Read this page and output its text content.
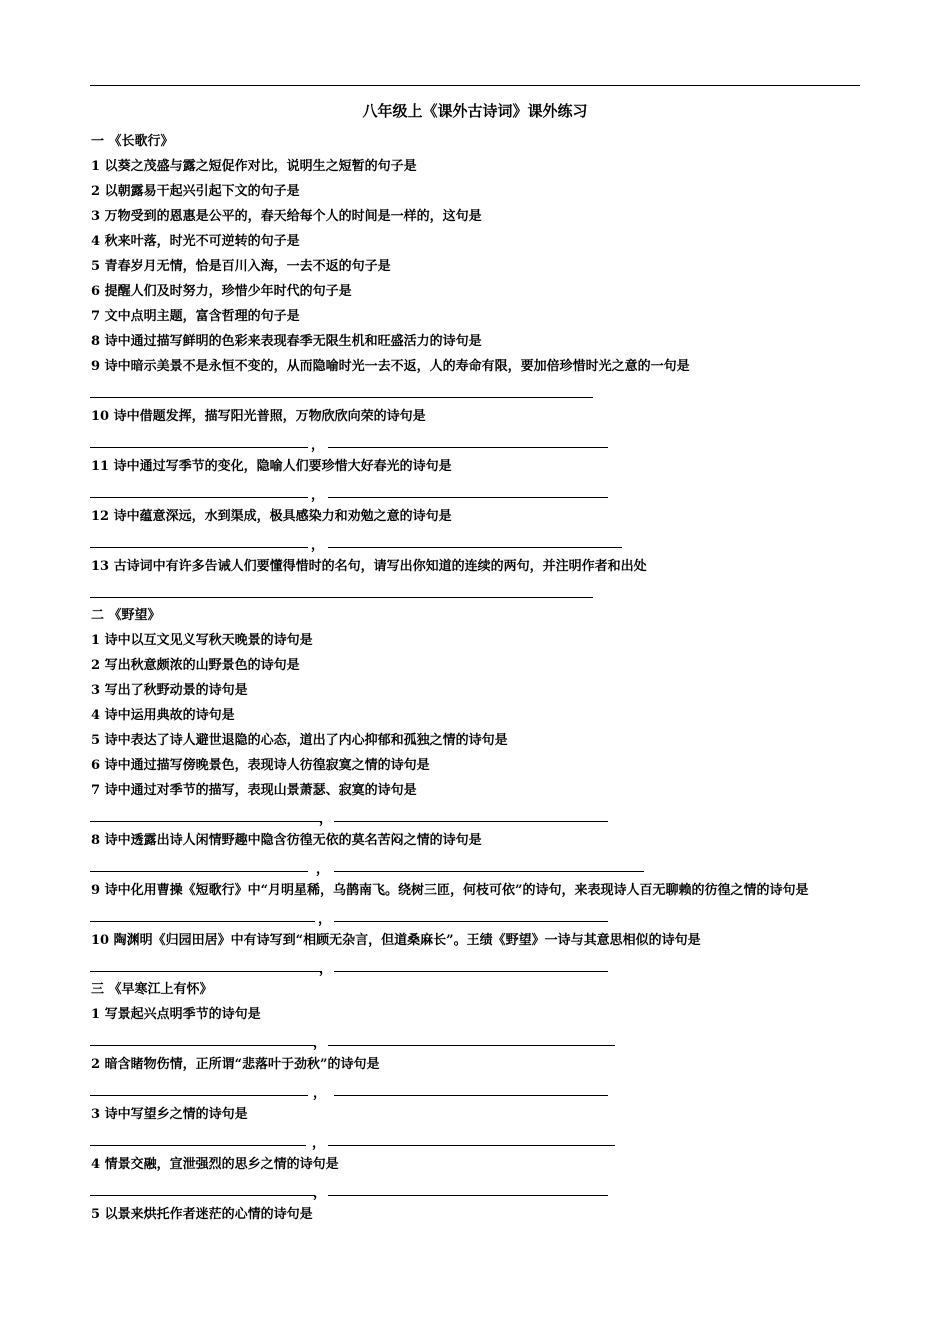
八年级上《课外古诗词》课外练习
一 《长歌行》
1 以葵之茂盛与露之短促作对比，说明生之短暂的句子是
2 以朝露易干起兴引起下文的句子是
3 万物受到的恩惠是公平的，春天给每个人的时间是一样的，这句是
4 秋来叶落，时光不可逆转的句子是
5 青春岁月无情，恰是百川入海，一去不返的句子是
6 提醒人们及时努力，珍惜少年时代的句子是
7 文中点明主题，富含哲理的句子是
8 诗中通过描写鲜明的色彩来表现春季无限生机和旺盛活力的诗句是
9 诗中暗示美景不是永恒不变的，从而隐喻时光一去不返，人的寿命有限，要加倍珍惜时光之意的一句是
10 诗中借题发挥，描写阳光普照，万物欣欣向荣的诗句是
，
11 诗中通过写季节的变化，隐喻人们要珍惜大好春光的诗句是
，
12 诗中蕴意深远，水到渠成，极具感染力和劝勉之意的诗句是
，
13 古诗词中有许多告诫人们要懂得惜时的名句，请写出你知道的连续的两句，并注明作者和出处
二 《野望》
1 诗中以互文见义写秋天晚景的诗句是
2 写出秋意颇浓的山野景色的诗句是
3 写出了秋野动景的诗句是
4 诗中运用典故的诗句是
5 诗中表达了诗人避世退隐的心态，道出了内心抑郁和孤独之情的诗句是
6 诗中通过描写傍晚景色，表现诗人彷徨寂寞之情的诗句是
7 诗中通过对季节的描写，表现山景萧瑟、寂寞的诗句是
，
8 诗中透露出诗人闲情野趣中隐含彷徨无依的莫名苦闷之情的诗句是
，
9 诗中化用曹操《短歌行》中“月明星稀，乌鹊南飞。绕树三匝，何枝可依”的诗句，来表现诗人百无聊赖的彷徨之情的诗句是
，
10 陶渊明《归园田居》中有诗写到“相顾无杂言，但道桑麻长”。王绩《野望》一诗与其意思相似的诗句是
，
三 《早寒江上有怀》
1 写景起兴点明季节的诗句是
，
2 暗含睹物伤情，正所谓“悲落叶于劲秋”的诗句是
，
3 诗中写望乡之情的诗句是
，
4 情景交融，宣泄强烈的思乡之情的诗句是
，
5 以景来烘托作者迷茫的心情的诗句是
